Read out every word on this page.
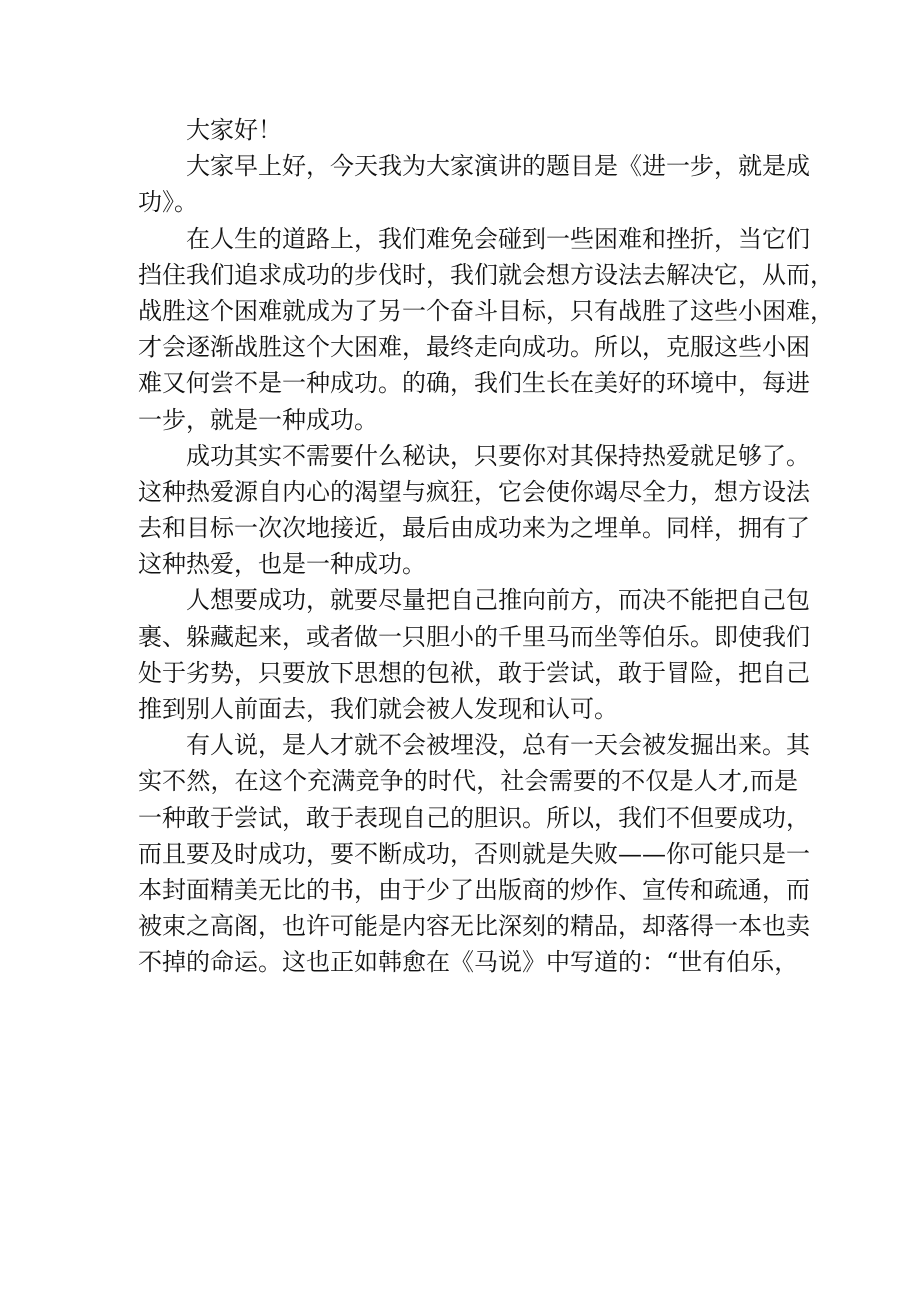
大家好！
大家早上好，今天我为大家演讲的题目是《进一步，就是成
功》。
在人生的道路上，我们难免会碰到一些困难和挫折，当它们
挡住我们追求成功的步伐时，我们就会想方设法去解决它，从而，
战胜这个困难就成为了另一个奋斗目标，只有战胜了这些小困难，
才会逐渐战胜这个大困难，最终走向成功。所以，克服这些小困
难又何尝不是一种成功。的确，我们生长在美好的环境中，每进
一步，就是一种成功。
成功其实不需要什么秘诀，只要你对其保持热爱就足够了。
这种热爱源自内心的渴望与疯狂，它会使你竭尽全力，想方设法
去和目标一次次地接近，最后由成功来为之埋单。同样，拥有了
这种热爱，也是一种成功。
人想要成功，就要尽量把自己推向前方，而决不能把自己包
裹、躲藏起来，或者做一只胆小的千里马而坐等伯乐。即使我们
处于劣势，只要放下思想的包袱，敢于尝试，敢于冒险，把自己
推到别人前面去，我们就会被人发现和认可。
有人说，是人才就不会被埋没，总有一天会被发掘出来。其
实不然，在这个充满竞争的时代，社会需要的不仅是人才,而是
一种敢于尝试，敢于表现自己的胆识。所以，我们不但要成功，
而且要及时成功，要不断成功，否则就是失败——你可能只是一
本封面精美无比的书，由于少了出版商的炒作、宣传和疏通，而
被束之高阁，也许可能是内容无比深刻的精品，却落得一本也卖
不掉的命运。这也正如韩愈在《马说》中写道的：“世有伯乐，
